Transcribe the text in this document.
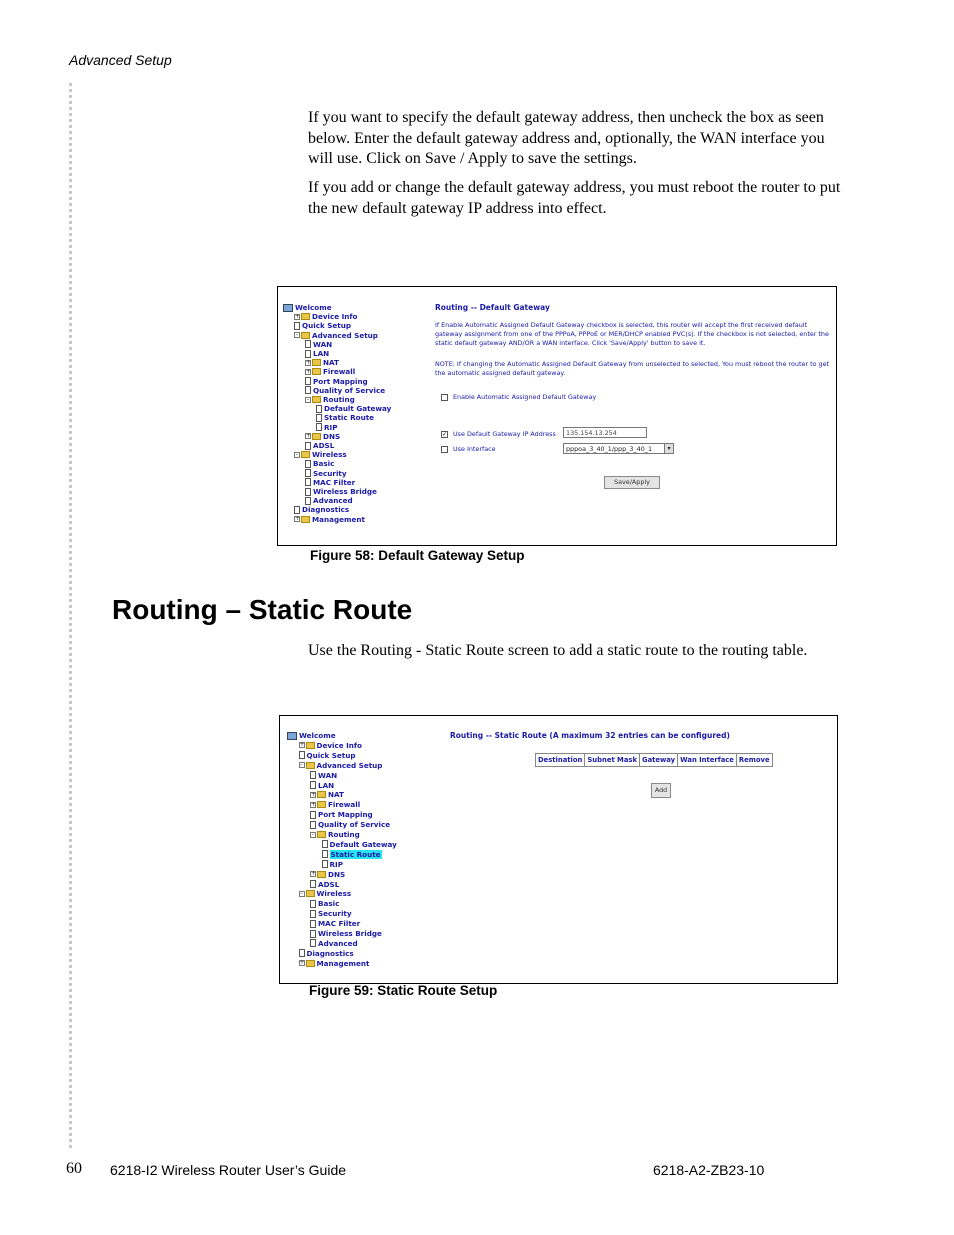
Advanced Setup

If you want to specify the default gateway address, then uncheck the box as seen below. Enter the default gateway address and, optionally, the WAN interface you will use. Click on Save / Apply to save the settings.

If you add or change the default gateway address, you must reboot the router to put the new default gateway IP address into effect.

Welcome
+ Device Info
Quick Setup
- Advanced Setup
WAN
LAN
+ NAT
+ Firewall
Port Mapping
Quality of Service
- Routing
Default Gateway
Static Route
RIP
+ DNS
ADSL
- Wireless
Basic
Security
MAC Filter
Wireless Bridge
Advanced
Diagnostics
+ Management
Routing -- Default Gateway
If Enable Automatic Assigned Default Gateway checkbox is selected, this router will accept the first received default gateway assignment from one of the PPPoA, PPPoE or MER/DHCP enabled PVC(s). If the checkbox is not selected, enter the static default gateway AND/OR a WAN interface. Click 'Save/Apply' button to save it.
NOTE: If changing the Automatic Assigned Default Gateway from unselected to selected, You must reboot the router to get the automatic assigned default gateway.
Enable Automatic Assigned Default Gateway
✓ Use Default Gateway IP Address	135.154.13.254
Use Interface	pppoa_3_40_1/ppp_3_40_1	▾
Save/Apply
Figure 58: Default Gateway Setup
Routing – Static Route

Use the Routing - Static Route screen to add a static route to the routing table.

Welcome
+ Device Info
Quick Setup
- Advanced Setup
WAN
LAN
+ NAT
+ Firewall
Port Mapping
Quality of Service
- Routing
Default Gateway
Static Route
RIP
+ DNS
ADSL
- Wireless
Basic
Security
MAC Filter
Wireless Bridge
Advanced
Diagnostics
+ Management
Routing -- Static Route (A maximum 32 entries can be configured)
Destination	Subnet Mask	Gateway	Wan Interface	Remove
Add
Figure 59: Static Route Setup
60 6218-I2 Wireless Router User’s Guide	6218-A2-ZB23-10
